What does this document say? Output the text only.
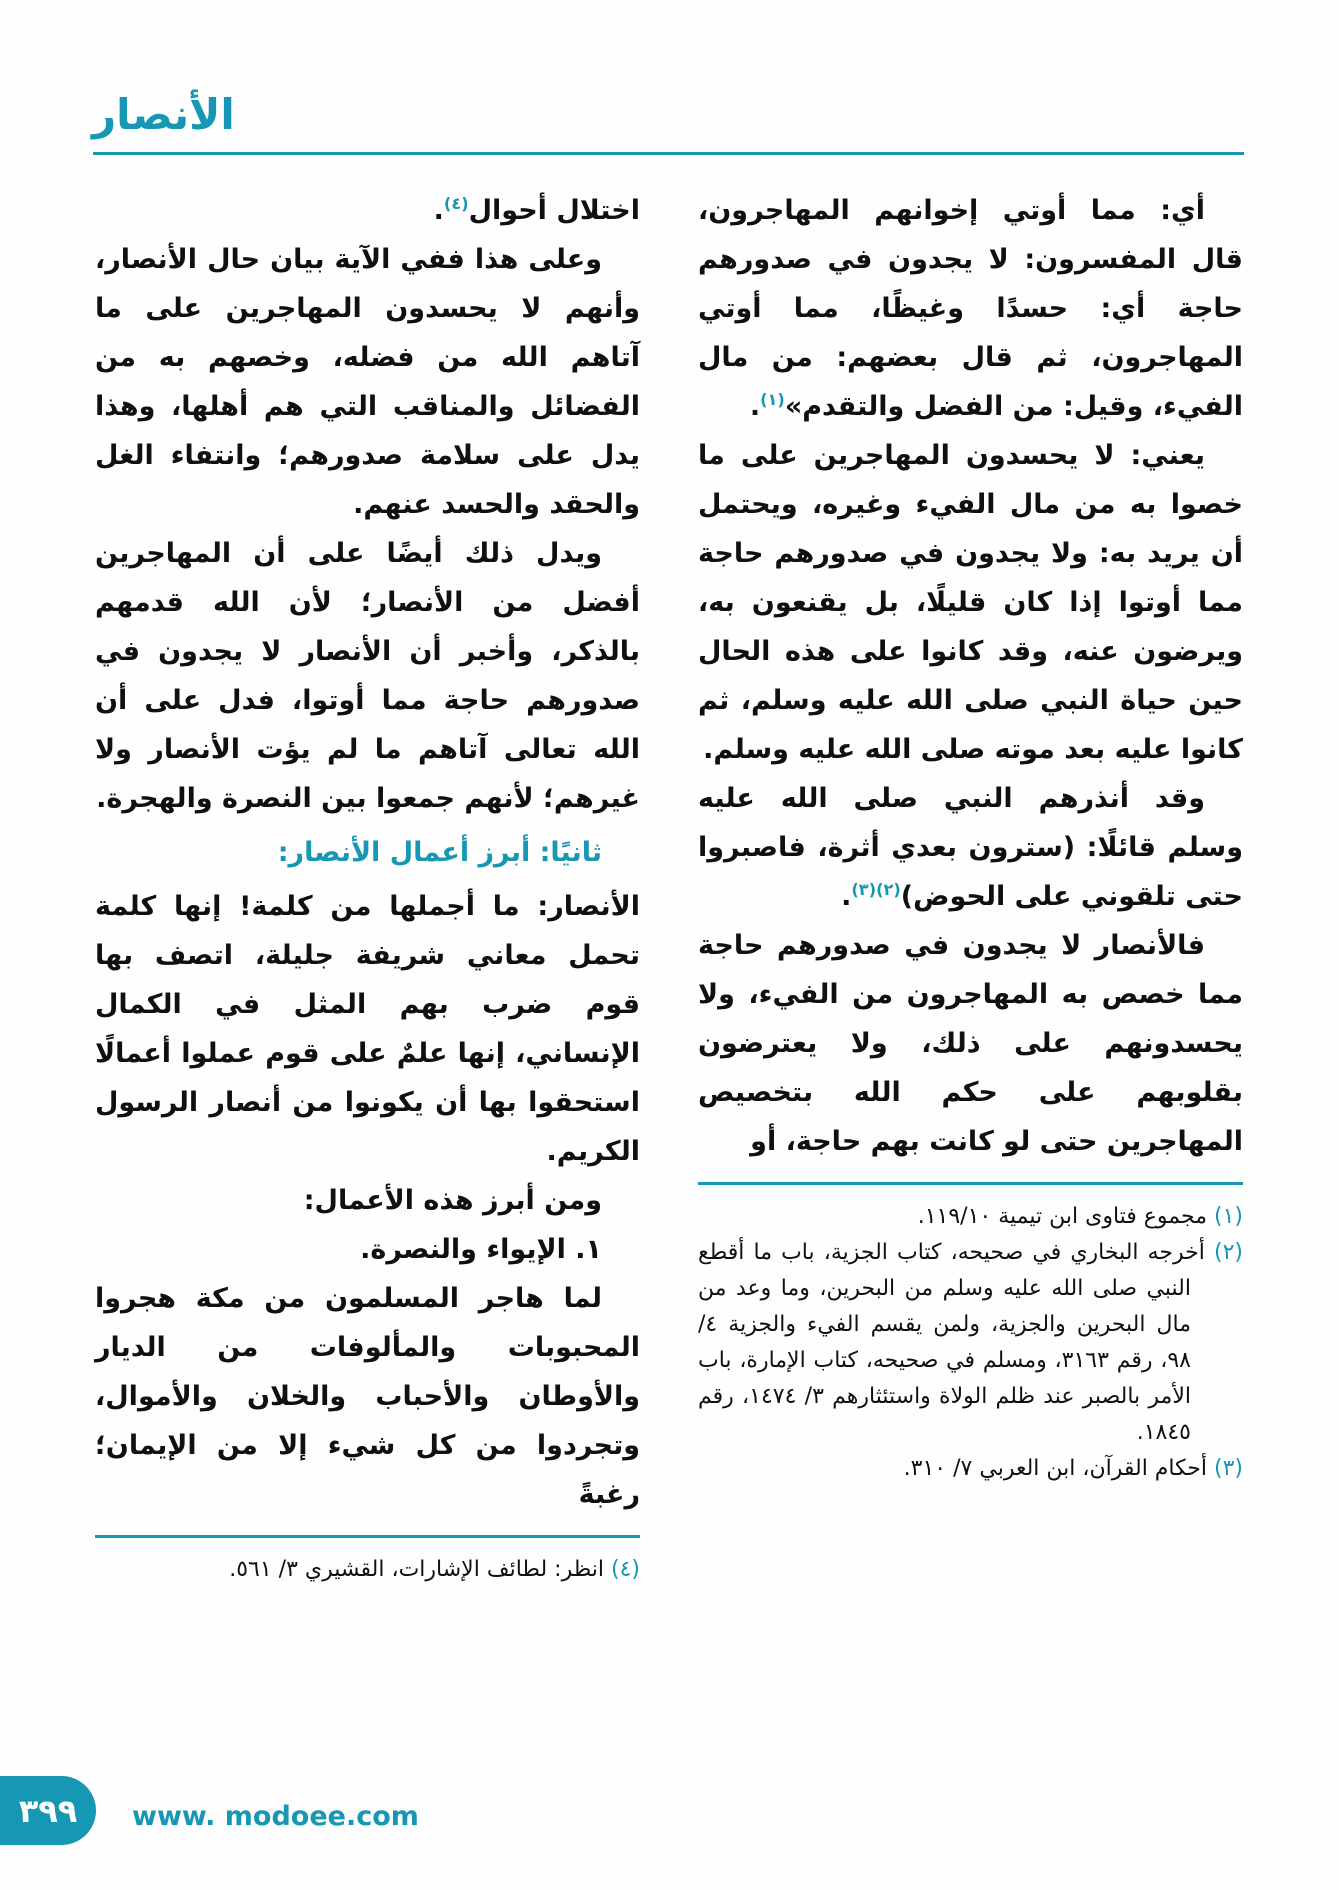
الأنصار

أي: مما أوتي إخوانهم المهاجرون، قال المفسرون: لا يجدون في صدورهم حاجة أي: حسدًا وغيظًا، مما أوتي المهاجرون، ثم قال بعضهم: من مال الفيء، وقيل: من الفضل والتقدم»$^{(١)}$.

يعني: لا يحسدون المهاجرين على ما خصوا به من مال الفيء وغيره، ويحتمل أن يريد به: ولا يجدون في صدورهم حاجة مما أوتوا إذا كان قليلًا، بل يقنعون به، ويرضون عنه، وقد كانوا على هذه الحال حين حياة النبي صلى الله عليه وسلم، ثم كانوا عليه بعد موته صلى الله عليه وسلم.

وقد أنذرهم النبي صلى الله عليه وسلم قائلًا: (سترون بعدي أثرة، فاصبروا حتى تلقوني على الحوض)$^{(٢)(٣)}$.

فالأنصار لا يجدون في صدورهم حاجة مما خصص به المهاجرون من الفيء، ولا يحسدونهم على ذلك، ولا يعترضون بقلوبهم على حكم الله بتخصيص المهاجرين حتى لو كانت بهم حاجة، أو

(١) مجموع فتاوى ابن تيمية ١١٩/١٠.
(٢) أخرجه البخاري في صحيحه، كتاب الجزية، باب ما أقطع النبي صلى الله عليه وسلم من البحرين، وما وعد من مال البحرين والجزية، ولمن يقسم الفيء والجزية ٤/ ٩٨، رقم ٣١٦٣، ومسلم في صحيحه، كتاب الإمارة، باب الأمر بالصبر عند ظلم الولاة واستئثارهم ٣/ ١٤٧٤، رقم ١٨٤٥.
(٣) أحكام القرآن، ابن العربي ٧/ ٣١٠.

اختلال أحوال$^{(٤)}$.

وعلى هذا ففي الآية بيان حال الأنصار، وأنهم لا يحسدون المهاجرين على ما آتاهم الله من فضله، وخصهم به من الفضائل والمناقب التي هم أهلها، وهذا يدل على سلامة صدورهم؛ وانتفاء الغل والحقد والحسد عنهم.

ويدل ذلك أيضًا على أن المهاجرين أفضل من الأنصار؛ لأن الله قدمهم بالذكر، وأخبر أن الأنصار لا يجدون في صدورهم حاجة مما أوتوا، فدل على أن الله تعالى آتاهم ما لم يؤت الأنصار ولا غيرهم؛ لأنهم جمعوا بين النصرة والهجرة.

ثانيًا: أبرز أعمال الأنصار:

الأنصار: ما أجملها من كلمة! إنها كلمة تحمل معاني شريفة جليلة، اتصف بها قوم ضرب بهم المثل في الكمال الإنساني، إنها علمٌ على قوم عملوا أعمالًا استحقوا بها أن يكونوا من أنصار الرسول الكريم.

ومن أبرز هذه الأعمال:

١. الإيواء والنصرة.

لما هاجر المسلمون من مكة هجروا المحبوبات والمألوفات من الديار والأوطان والأحباب والخلان والأموال، وتجردوا من كل شيء إلا من الإيمان؛ رغبةً

(٤) انظر: لطائف الإشارات، القشيري ٣/ ٥٦١.
٣٩٩ www. modoee.com
